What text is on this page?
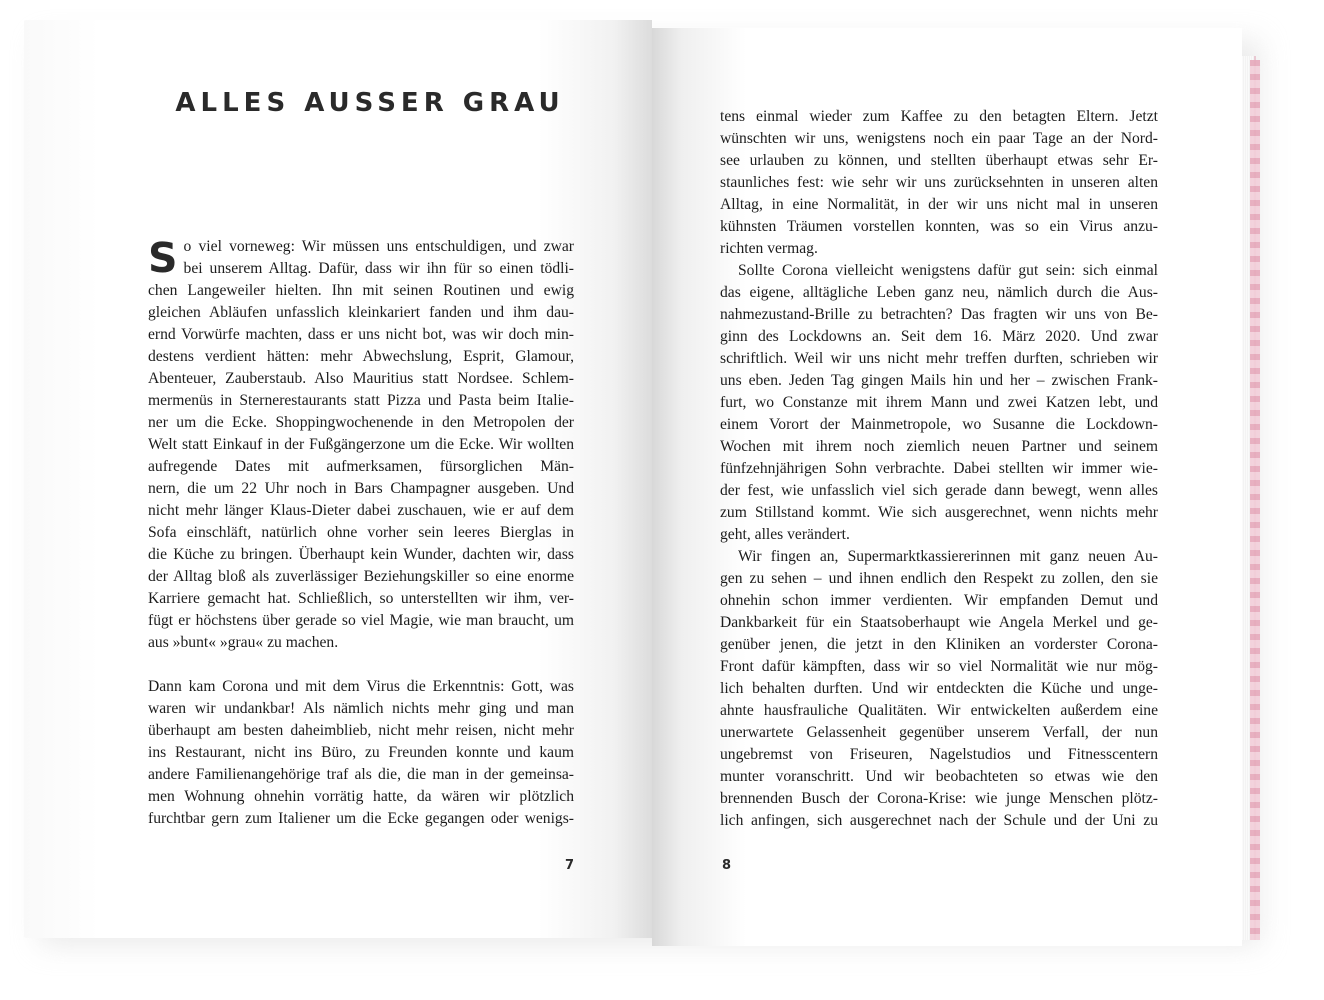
ALLES AUSSER GRAU
S o viel vorneweg: Wir müssen uns entschuldigen, und zwar
bei unserem Alltag. Dafür, dass wir ihn für so einen tödli-
chen Langeweiler hielten. Ihn mit seinen Routinen und ewig
gleichen Abläufen unfasslich kleinkariert fanden und ihm dau-
ernd Vorwürfe machten, dass er uns nicht bot, was wir doch min-
destens verdient hätten: mehr Abwechslung, Esprit, Glamour,
Abenteuer, Zauberstaub. Also Mauritius statt Nordsee. Schlem-
mermenüs in Sternerestaurants statt Pizza und Pasta beim Italie-
ner um die Ecke. Shoppingwochenende in den Metropolen der
Welt statt Einkauf in der Fußgängerzone um die Ecke. Wir wollten
aufregende Dates mit aufmerksamen, fürsorglichen Män-
nern, die um 22 Uhr noch in Bars Champagner ausgeben. Und
nicht mehr länger Klaus-Dieter dabei zuschauen, wie er auf dem
Sofa einschläft, natürlich ohne vorher sein leeres Bierglas in
die Küche zu bringen. Überhaupt kein Wunder, dachten wir, dass
der Alltag bloß als zuverlässiger Beziehungskiller so eine enorme
Karriere gemacht hat. Schließlich, so unterstellten wir ihm, ver-
fügt er höchstens über gerade so viel Magie, wie man braucht, um
aus »bunt« »grau« zu machen.
Dann kam Corona und mit dem Virus die Erkenntnis: Gott, was
waren wir undankbar! Als nämlich nichts mehr ging und man
überhaupt am besten daheimblieb, nicht mehr reisen, nicht mehr
ins Restaurant, nicht ins Büro, zu Freunden konnte und kaum
andere Familienangehörige traf als die, die man in der gemeinsa-
men Wohnung ohnehin vorrätig hatte, da wären wir plötzlich
furchtbar gern zum Italiener um die Ecke gegangen oder wenigs-
7
tens einmal wieder zum Kaffee zu den betagten Eltern. Jetzt
wünschten wir uns, wenigstens noch ein paar Tage an der Nord-
see urlauben zu können, und stellten überhaupt etwas sehr Er-
staunliches fest: wie sehr wir uns zurücksehnten in unseren alten
Alltag, in eine Normalität, in der wir uns nicht mal in unseren
kühnsten Träumen vorstellen konnten, was so ein Virus anzu-
richten vermag.
Sollte Corona vielleicht wenigstens dafür gut sein: sich einmal
das eigene, alltägliche Leben ganz neu, nämlich durch die Aus-
nahmezustand-Brille zu betrachten? Das fragten wir uns von Be-
ginn des Lockdowns an. Seit dem 16. März 2020. Und zwar
schriftlich. Weil wir uns nicht mehr treffen durften, schrieben wir
uns eben. Jeden Tag gingen Mails hin und her – zwischen Frank-
furt, wo Constanze mit ihrem Mann und zwei Katzen lebt, und
einem Vorort der Mainmetropole, wo Susanne die Lockdown-
Wochen mit ihrem noch ziemlich neuen Partner und seinem
fünfzehnjährigen Sohn verbrachte. Dabei stellten wir immer wie-
der fest, wie unfasslich viel sich gerade dann bewegt, wenn alles
zum Stillstand kommt. Wie sich ausgerechnet, wenn nichts mehr
geht, alles verändert.
Wir fingen an, Supermarktkassiererinnen mit ganz neuen Au-
gen zu sehen – und ihnen endlich den Respekt zu zollen, den sie
ohnehin schon immer verdienten. Wir empfanden Demut und
Dankbarkeit für ein Staatsoberhaupt wie Angela Merkel und ge-
genüber jenen, die jetzt in den Kliniken an vorderster Corona-
Front dafür kämpften, dass wir so viel Normalität wie nur mög-
lich behalten durften. Und wir entdeckten die Küche und unge-
ahnte hausfrauliche Qualitäten. Wir entwickelten außerdem eine
unerwartete Gelassenheit gegenüber unserem Verfall, der nun
ungebremst von Friseuren, Nagelstudios und Fitnesscentern
munter voranschritt. Und wir beobachteten so etwas wie den
brennenden Busch der Corona-Krise: wie junge Menschen plötz-
lich anfingen, sich ausgerechnet nach der Schule und der Uni zu
8
